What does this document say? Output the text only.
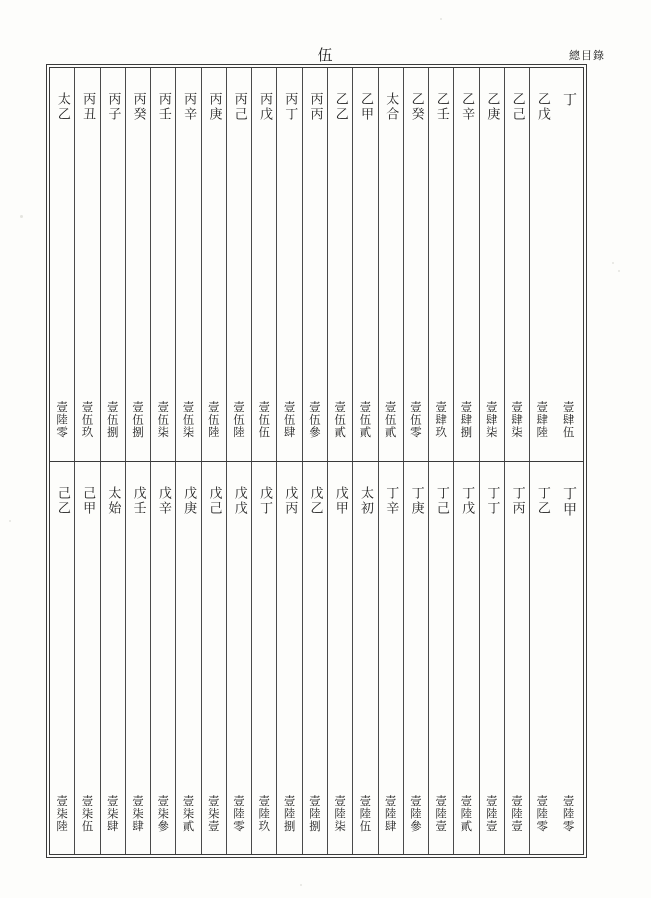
伍	總目錄
丁
壹肆伍
乙戊
壹肆陸
乙己
壹肆柒
乙庚
壹肆柒
乙辛
壹肆捌
乙壬
壹肆玖
乙癸
壹伍零
太合
壹伍貳
乙甲
壹伍貳
乙乙
壹伍貳
丙丙
壹伍參
丙丁
壹伍肆
丙戊
壹伍伍
丙己
壹伍陸
丙庚
壹伍陸
丙辛
壹伍柒
丙壬
壹伍柒
丙癸
壹伍捌
丙子
壹伍捌
丙丑
壹伍玖
太乙
壹陸零
丁甲
壹陸零
丁乙
壹陸零
丁丙
壹陸壹
丁丁
壹陸壹
丁戊
壹陸貳
丁己
壹陸壹
丁庚
壹陸參
丁辛
壹陸肆
太初
壹陸伍
戊甲
壹陸柒
戊乙
壹陸捌
戊丙
壹陸捌
戊丁
壹陸玖
戊戊
壹陸零
戊己
壹柒壹
戊庚
壹柒貳
戊辛
壹柒參
戊壬
壹柒肆
太始
壹柒肆
己甲
壹柒伍
己乙
壹柒陸
